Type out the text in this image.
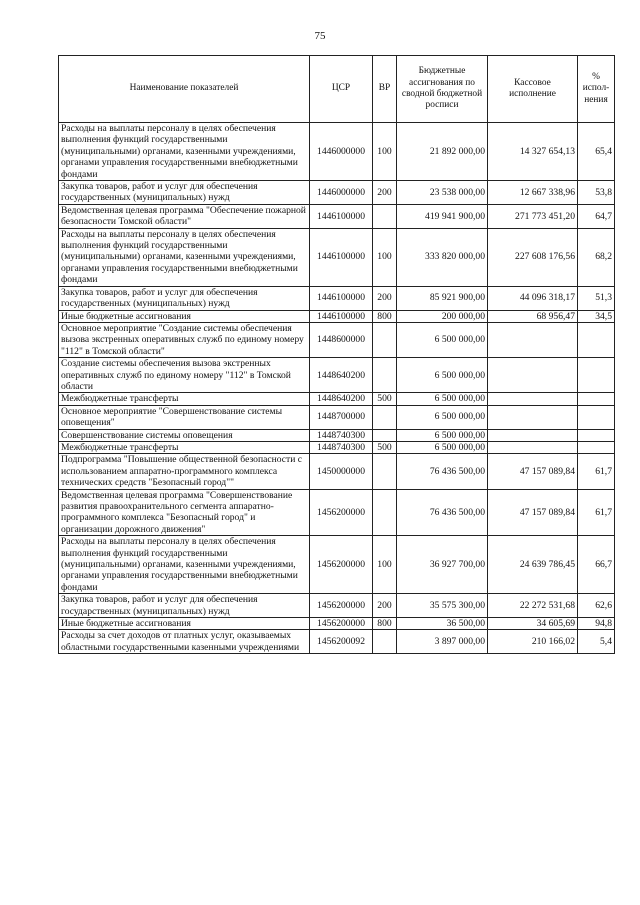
75
Наименование показателей	ЦСР	ВР	Бюджетные ассигнования по сводной бюджетной росписи	Кассовое исполнение	% испол-нения
Расходы на выплаты персоналу в целях обеспечения выполнения функций государственными (муниципальными) органами, казенными учреждениями, органами управления государственными внебюджетными фондами	1446000000	100	21 892 000,00	14 327 654,13	65,4
Закупка товаров, работ и услуг для обеспечения государственных (муниципальных) нужд	1446000000	200	23 538 000,00	12 667 338,96	53,8
Ведомственная целевая программа "Обеспечение пожарной безопасности Томской области"	1446100000		419 941 900,00	271 773 451,20	64,7
Расходы на выплаты персоналу в целях обеспечения выполнения функций государственными (муниципальными) органами, казенными учреждениями, органами управления государственными внебюджетными фондами	1446100000	100	333 820 000,00	227 608 176,56	68,2
Закупка товаров, работ и услуг для обеспечения государственных (муниципальных) нужд	1446100000	200	85 921 900,00	44 096 318,17	51,3
Иные бюджетные ассигнования	1446100000	800	200 000,00	68 956,47	34,5
Основное мероприятие "Создание системы обеспечения вызова экстренных оперативных служб по единому номеру "112" в Томской области"	1448600000		6 500 000,00		
Создание системы обеспечения вызова экстренных оперативных служб по единому номеру "112" в Томской области	1448640200		6 500 000,00		
Межбюджетные трансферты	1448640200	500	6 500 000,00		
Основное мероприятие "Совершенствование системы оповещения"	1448700000		6 500 000,00		
Совершенствование системы оповещения	1448740300		6 500 000,00		
Межбюджетные трансферты	1448740300	500	6 500 000,00		
Подпрограмма "Повышение общественной безопасности с использованием аппаратно-программного комплекса технических средств "Безопасный город""	1450000000		76 436 500,00	47 157 089,84	61,7
Ведомственная целевая программа "Совершенствование развития правоохранительного сегмента аппаратно-программного комплекса "Безопасный город" и организации дорожного движения"	1456200000		76 436 500,00	47 157 089,84	61,7
Расходы на выплаты персоналу в целях обеспечения выполнения функций государственными (муниципальными) органами, казенными учреждениями, органами управления государственными внебюджетными фондами	1456200000	100	36 927 700,00	24 639 786,45	66,7
Закупка товаров, работ и услуг для обеспечения государственных (муниципальных) нужд	1456200000	200	35 575 300,00	22 272 531,68	62,6
Иные бюджетные ассигнования	1456200000	800	36 500,00	34 605,69	94,8
Расходы за счет доходов от платных услуг, оказываемых областными государственными казенными учреждениями	1456200092		3 897 000,00	210 166,02	5,4
